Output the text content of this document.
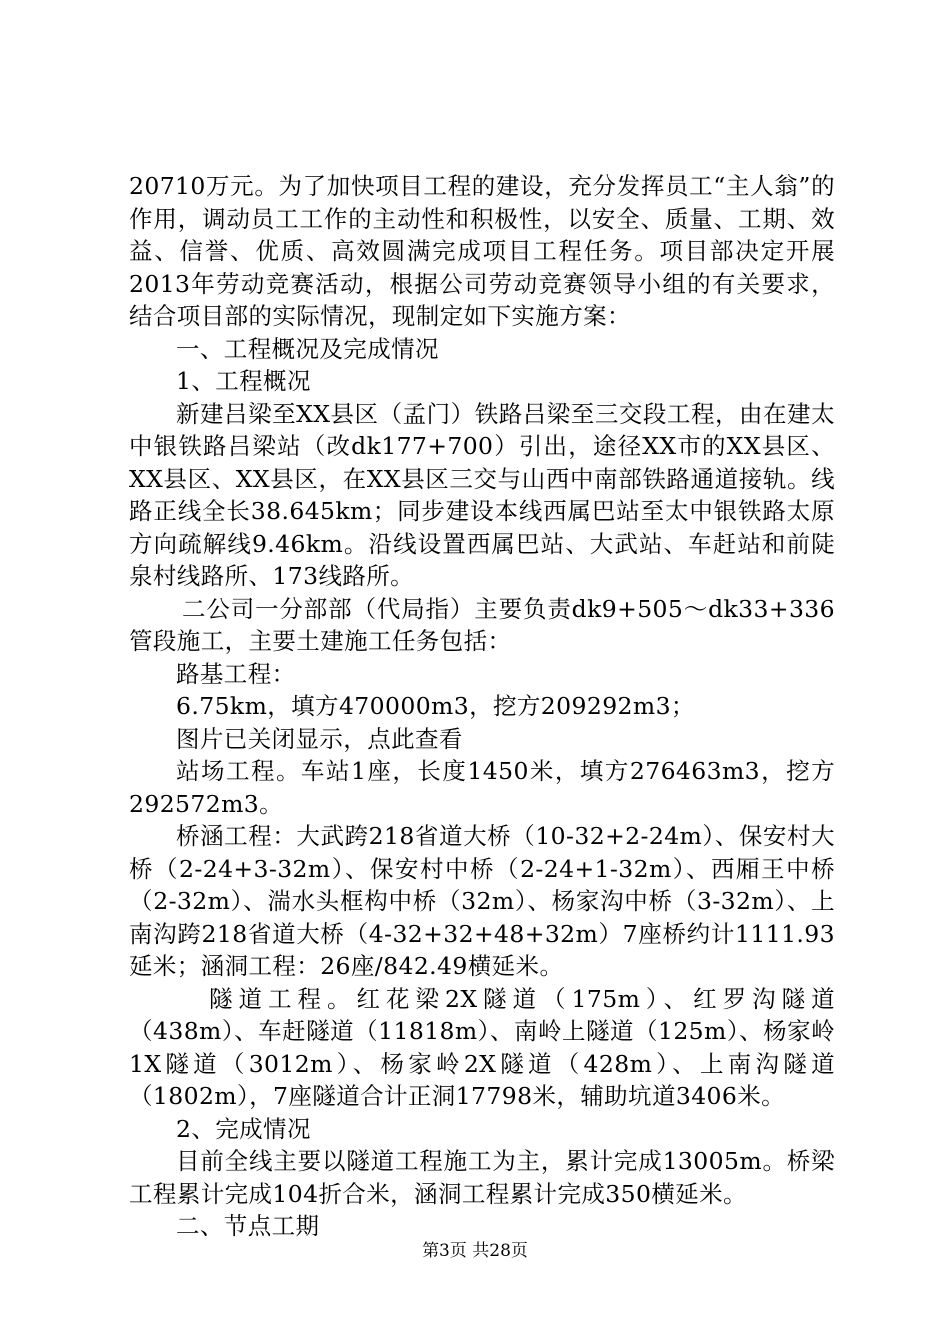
20710万元。为了加快项目工程的建设，充分发挥员工“主人翁”的作用，调动员工工作的主动性和积极性，以安全、质量、工期、效益、信誉、优质、高效圆满完成项目工程任务。项目部决定开展2013年劳动竞赛活动，根据公司劳动竞赛领导小组的有关要求，结合项目部的实际情况，现制定如下实施方案：

一、工程概况及完成情况

1、工程概况

新建吕梁至XX县区（孟门）铁路吕梁至三交段工程，由在建太中银铁路吕梁站（改dk177+700）引出，途径XX市的XX县区、XX县区、XX县区，在XX县区三交与山西中南部铁路通道接轨。线路正线全长38.645km；同步建设本线西属巴站至太中银铁路太原方向疏解线9.46km。沿线设置西属巴站、大武站、车赶站和前陡泉村线路所、173线路所。

二公司一分部部（代局指）主要负责dk9+505～dk33+336管段施工，主要土建施工任务包括：

路基工程：

6.75km，填方470000m3，挖方209292m3；

图片已关闭显示，点此查看

站场工程。车站1座，长度1450米，填方276463m3，挖方292572m3。

桥涵工程：大武跨218省道大桥（10-32+2-24m）、保安村大桥（2-24+3-32m）、保安村中桥（2-24+1-32m）、西厢王中桥（2-32m）、湍水头框构中桥（32m）、杨家沟中桥（3-32m）、上南沟跨218省道大桥（4-32+32+48+32m）7座桥约计1111.93延米；涵洞工程：26座/842.49横延米。

隧道工程。红花梁2X隧道（175m）、红罗沟隧道（438m）、车赶隧道（11818m）、南岭上隧道（125m）、杨家岭1X隧道（3012m）、杨家岭2X隧道（428m）、上南沟隧道（1802m），7座隧道合计正洞17798米，辅助坑道3406米。

2、完成情况

目前全线主要以隧道工程施工为主，累计完成13005m。桥梁工程累计完成104折合米，涵洞工程累计完成350横延米。

二、节点工期

第3页 共28页
